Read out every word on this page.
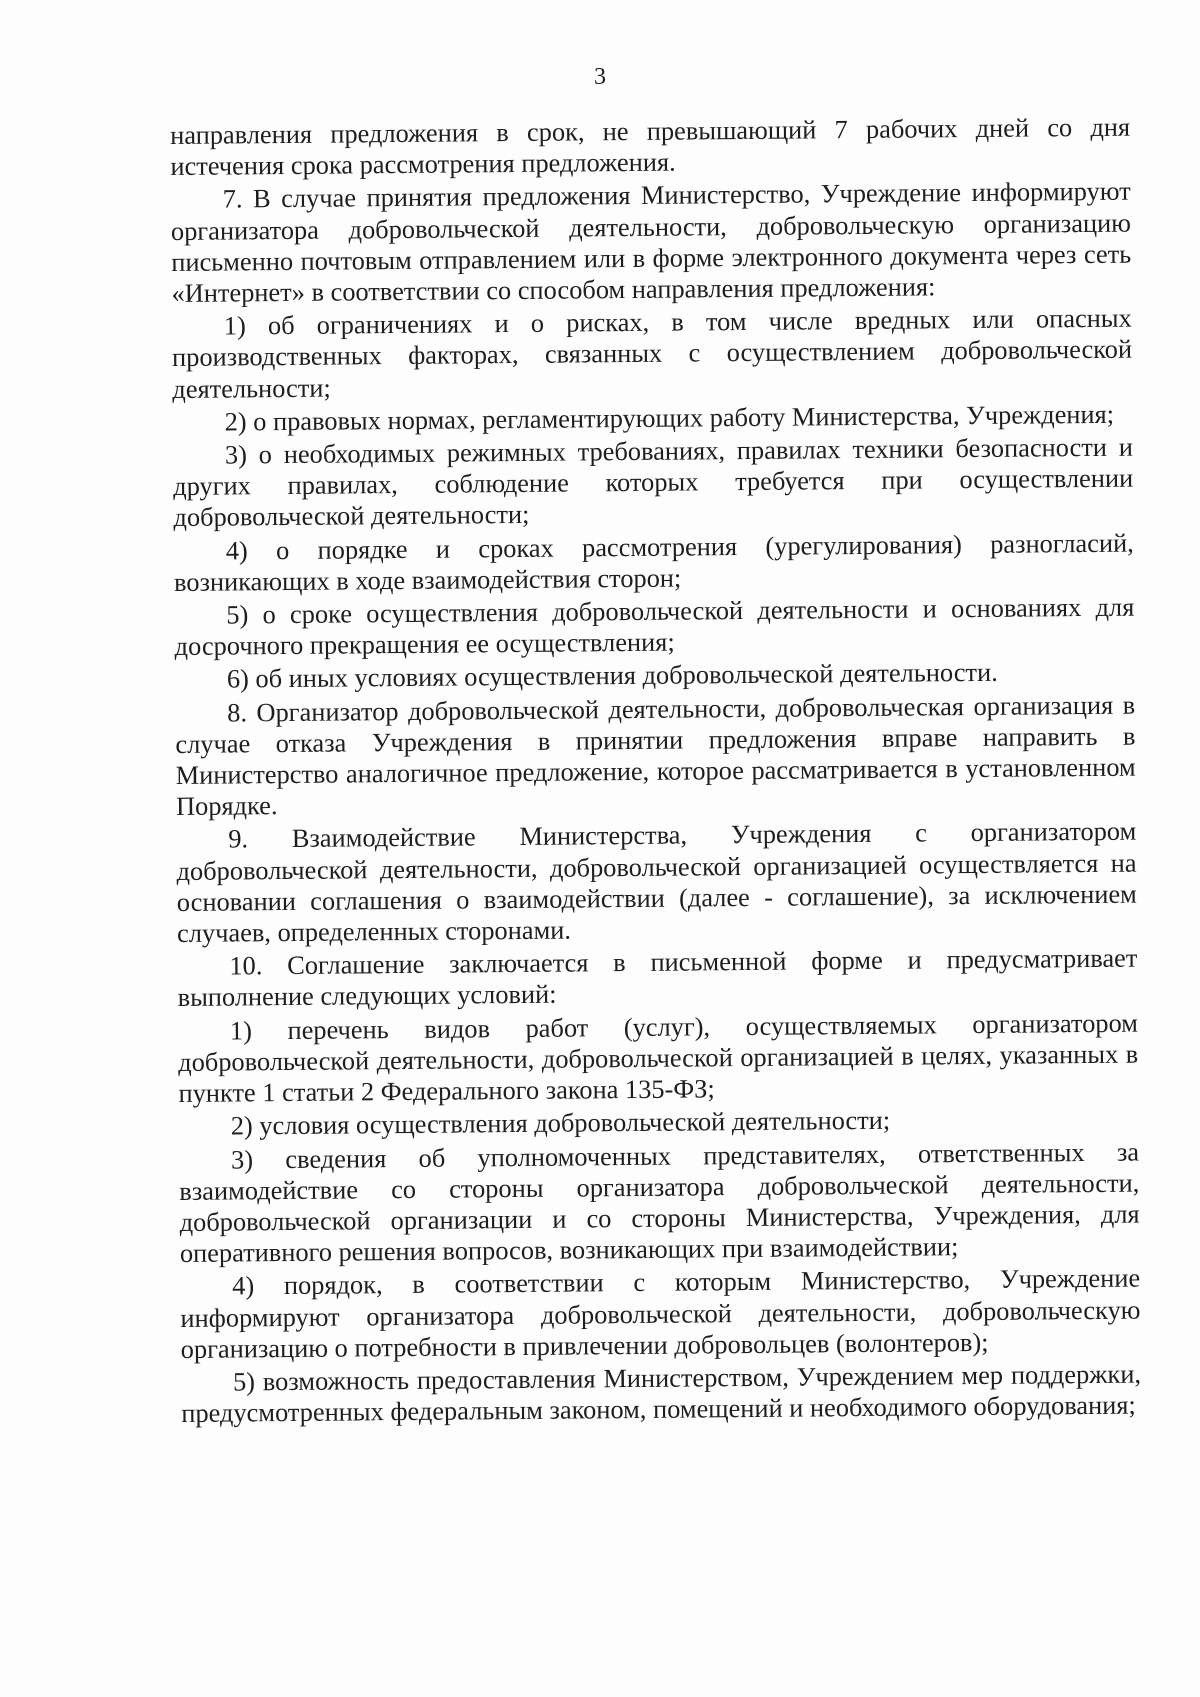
3

направления предложения в срок, не превышающий 7 рабочих дней со дня истечения срока рассмотрения предложения.

7. В случае принятия предложения Министерство, Учреждение информируют организатора добровольческой деятельности, добровольческую организацию письменно почтовым отправлением или в форме электронного документа через сеть «Интернет» в соответствии со способом направления предложения:

1) об ограничениях и о рисках, в том числе вредных или опасных производственных факторах, связанных с осуществлением добровольческой деятельности;

2) о правовых нормах, регламентирующих работу Министерства, Учреждения;

3) о необходимых режимных требованиях, правилах техники безопасности и других правилах, соблюдение которых требуется при осуществлении добровольческой деятельности;

4) о порядке и сроках рассмотрения (урегулирования) разногласий, возникающих в ходе взаимодействия сторон;

5) о сроке осуществления добровольческой деятельности и основаниях для досрочного прекращения ее осуществления;

6) об иных условиях осуществления добровольческой деятельности.

8. Организатор добровольческой деятельности, добровольческая организация в случае отказа Учреждения в принятии предложения вправе направить в Министерство аналогичное предложение, которое рассматривается в установленном Порядке.

9. Взаимодействие Министерства, Учреждения с организатором добровольческой деятельности, добровольческой организацией осуществляется на основании соглашения о взаимодействии (далее - соглашение), за исключением случаев, определенных сторонами.

10. Соглашение заключается в письменной форме и предусматривает выполнение следующих условий:

1) перечень видов работ (услуг), осуществляемых организатором добровольческой деятельности, добровольческой организацией в целях, указанных в пункте 1 статьи 2 Федерального закона 135-ФЗ;

2) условия осуществления добровольческой деятельности;

3) сведения об уполномоченных представителях, ответственных за взаимодействие со стороны организатора добровольческой деятельности, добровольческой организации и со стороны Министерства, Учреждения, для оперативного решения вопросов, возникающих при взаимодействии;

4) порядок, в соответствии с которым Министерство, Учреждение информируют организатора добровольческой деятельности, добровольческую организацию о потребности в привлечении добровольцев (волонтеров);

5) возможность предоставления Министерством, Учреждением мер поддержки, предусмотренных федеральным законом, помещений и необходимого оборудования;
